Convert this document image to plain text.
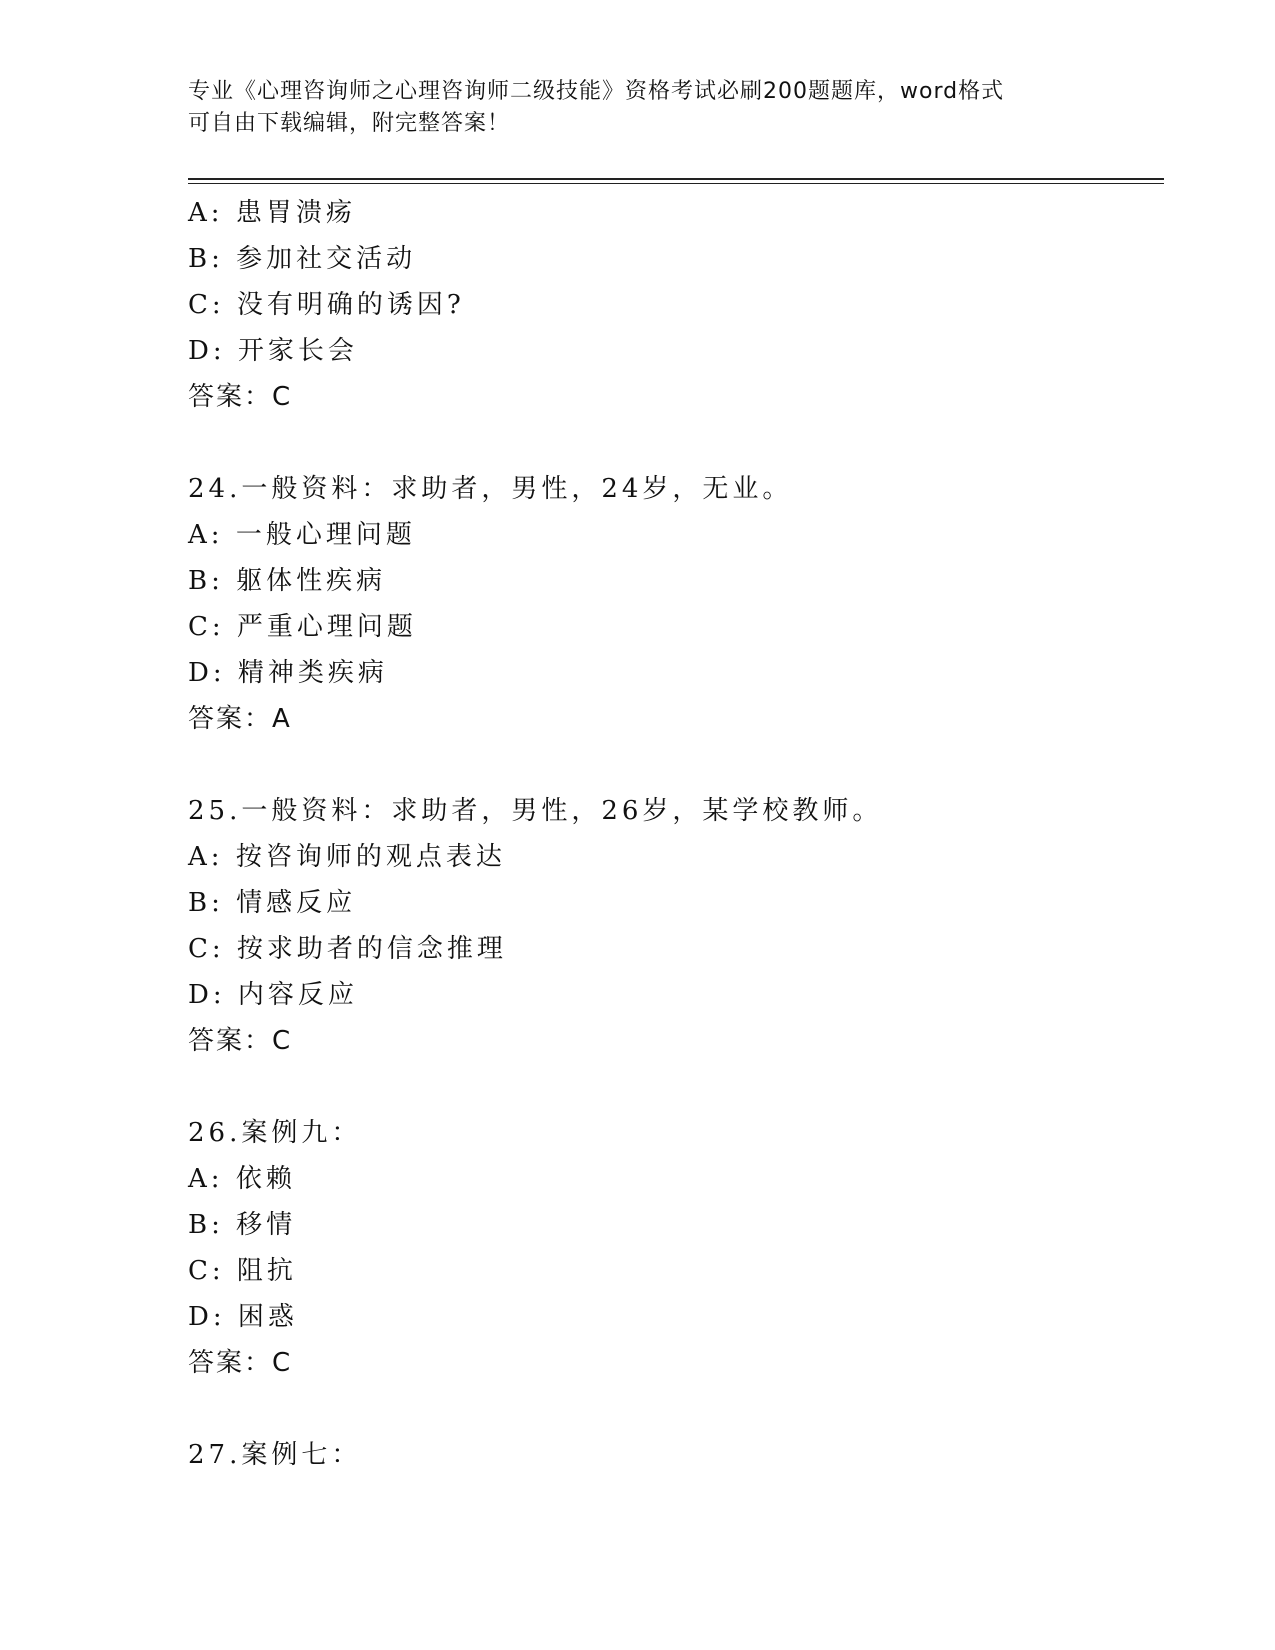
专业《心理咨询师之心理咨询师二级技能》资格考试必刷200题题库，word格式
可自由下载编辑，附完整答案！
A: 患胃溃疡
B: 参加社交活动
C: 没有明确的诱因?
D: 开家长会
答案：C
24.一般资料：求助者，男性，24岁，无业。
A: 一般心理问题
B: 躯体性疾病
C: 严重心理问题
D: 精神类疾病
答案：A
25.一般资料：求助者，男性，26岁，某学校教师。
A: 按咨询师的观点表达
B: 情感反应
C: 按求助者的信念推理
D: 内容反应
答案：C
26.案例九：
A: 依赖
B: 移情
C: 阻抗
D: 困惑
答案：C
27.案例七：
